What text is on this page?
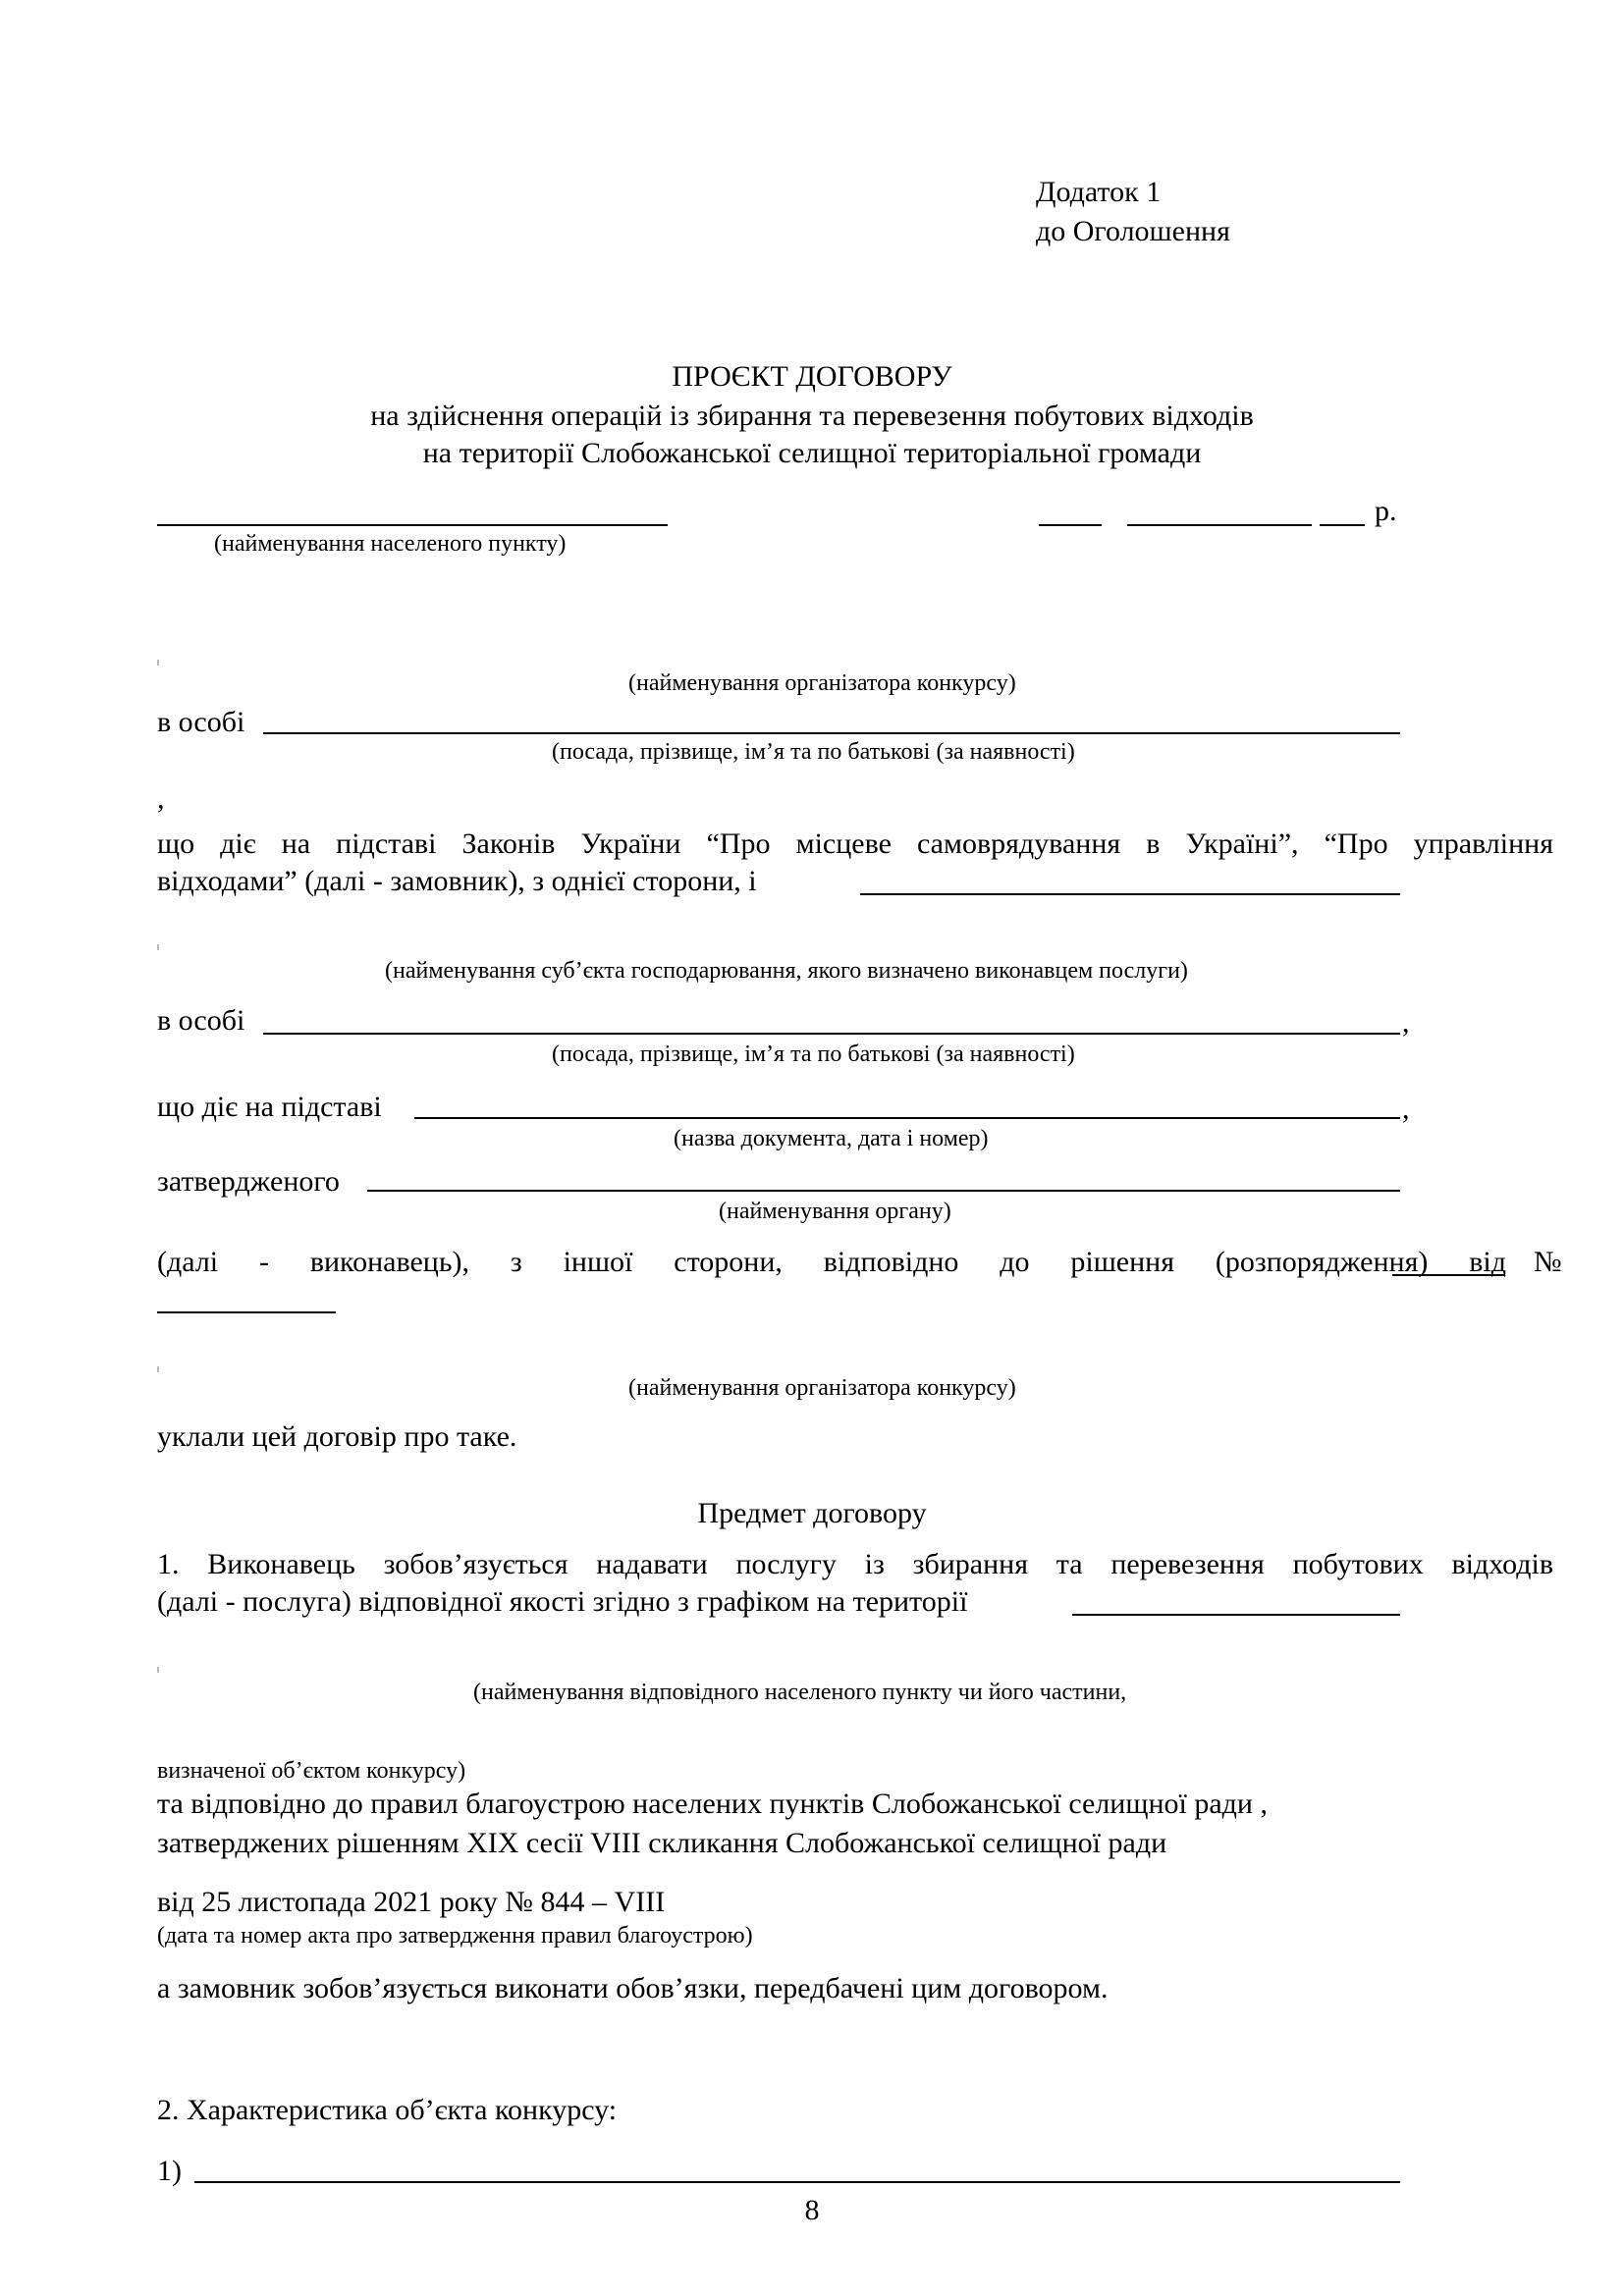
Додаток 1
до Оголошення
ПРОЄКТ ДОГОВОРУ
на здійснення операцій із збирання та перевезення побутових відходів
на території Слобожанської селищної територіальної громади
(найменування населеного пункту)
р.
(найменування організатора конкурсу)
в особі
(посада, прізвище, ім’я та по батькові (за наявності)
,
що діє на підставі Законів України “Про місцеве самоврядування в Україні”, “Про управління
відходами” (далі - замовник), з однієї сторони, і
(найменування суб’єкта господарювання, якого визначено виконавцем послуги)
в особі	,
(посада, прізвище, ім’я та по батькові (за наявності)
що діє на підставі	,
(назва документа, дата і номер)
затвердженого
(найменування органу)
(далі - виконавець), з іншої сторони, відповідно до рішення (розпорядження) від №
(найменування організатора конкурсу)
уклали цей договір про таке.
Предмет договору
1. Виконавець зобов’язується надавати послугу із збирання та перевезення побутових відходів
(далі - послуга) відповідної якості згідно з графіком на території
(найменування відповідного населеного пункту чи його частини,
визначеної об’єктом конкурсу)
та відповідно до правил благоустрою населених пунктів Слобожанської селищної ради ,
затверджених рішенням XIX сесії VIII скликання Слобожанської селищної ради
від 25 листопада 2021 року № 844 – VIII
(дата та номер акта про затвердження правил благоустрою)
а замовник зобов’язується виконати обов’язки, передбачені цим договором.
2. Характеристика об’єкта конкурсу:
1)
8
